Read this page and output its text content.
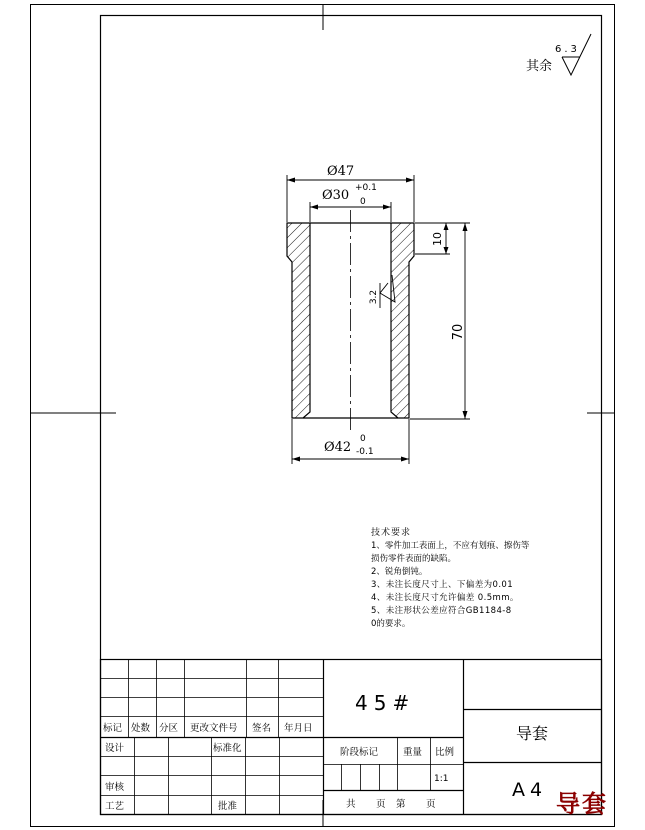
其余
6.3
Ø47
Ø30 +0.1
0
Ø42
0
-0.1
70
10
3.2
技术要求
1、零件加工表面上，不应有划痕、擦伤等
损伤零件表面的缺陷。
2、锐角倒钝。
3、未注长度尺寸上、下偏差为0.01
4、未注长度尺寸允许偏差 0.5mm。
5、未注形状公差应符合GB1184-8
0的要求。
标记 处数 分区 更改文件号 签名 年月日
设计	标准化
审核
工艺	批准
45#
阶段标记	重量 比例
1:1
共 页 第 页
导套
A4 导套
